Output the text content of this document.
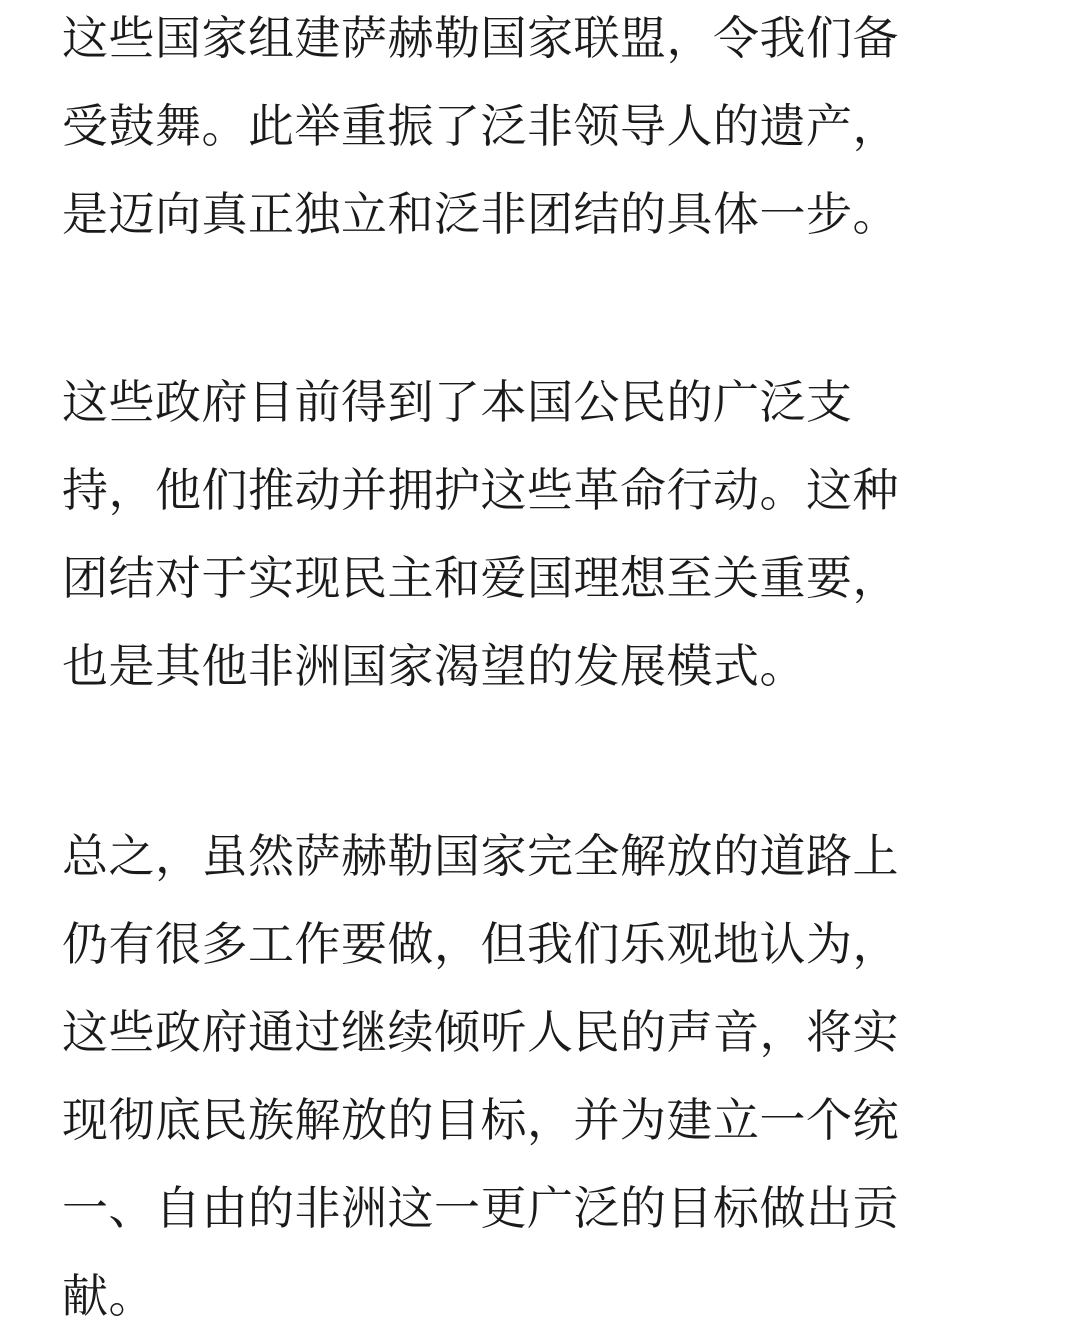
这些国家组建萨赫勒国家联盟，令我们备
受鼓舞。此举重振了泛非领导人的遗产，
是迈向真正独立和泛非团结的具体一步。
这些政府目前得到了本国公民的广泛支
持，他们推动并拥护这些革命行动。这种
团结对于实现民主和爱国理想至关重要，
也是其他非洲国家渴望的发展模式。
总之，虽然萨赫勒国家完全解放的道路上
仍有很多工作要做，但我们乐观地认为，
这些政府通过继续倾听人民的声音，将实
现彻底民族解放的目标，并为建立一个统
一、自由的非洲这一更广泛的目标做出贡
献。
